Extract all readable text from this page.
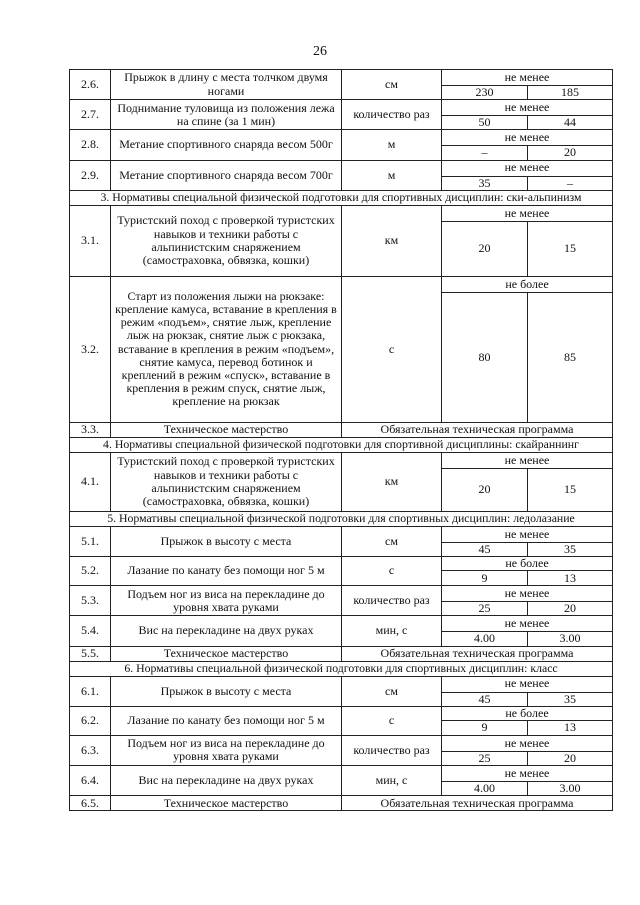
26
2.6.	Прыжок в длину с места толчком двумя ногами	см	не менее	
			230	185
2.7.	Поднимание туловища из положения лежа на спине (за 1 мин)	количество раз	не менее	
			50	44
2.8.	Метание спортивного снаряда весом 500г	м	не менее	
			–	20
2.9.	Метание спортивного снаряда весом 700г	м	не менее	
			35	–
3. Нормативы специальной физической подготовки для спортивных дисциплин: ски-альпинизм				
3.1.	Туристский поход с проверкой туристских навыков и техники работы с альпинистским снаряжением (самостраховка, обвязка, кошки)	км	не менее	
			20	15
3.2.	Старт из положения лыжи на рюкзаке: крепление камуса, вставание в крепления в режим «подъем», снятие лыж, крепление лыж на рюкзак, снятие лыж с рюкзака, вставание в крепления в режим «подъем», снятие камуса, перевод ботинок и креплений в режим «спуск», вставание в крепления в режим спуск, снятие лыж, крепление на рюкзак	с	не более	
			80	85
3.3.	Техническое мастерство	Обязательная техническая программа		
4. Нормативы специальной физической подготовки для спортивной дисциплины: скайраннинг				
4.1.	Туристский поход с проверкой туристских навыков и техники работы с альпинистским снаряжением (самостраховка, обвязка, кошки)	км	не менее	
			20	15
5. Нормативы специальной физической подготовки для спортивных дисциплин: ледолазание				
5.1.	Прыжок в высоту с места	см	не менее	
			45	35
5.2.	Лазание по канату без помощи ног 5 м	с	не более	
			9	13
5.3.	Подъем ног из виса на перекладине до уровня хвата руками	количество раз	не менее	
			25	20
5.4.	Вис на перекладине на двух руках	мин, с	не менее	
			4.00	3.00
5.5.	Техническое мастерство	Обязательная техническая программа		
6. Нормативы специальной физической подготовки для спортивных дисциплин: класс				
6.1.	Прыжок в высоту с места	см	не менее	
			45	35
6.2.	Лазание по канату без помощи ног 5 м	с	не более	
			9	13
6.3.	Подъем ног из виса на перекладине до уровня хвата руками	количество раз	не менее	
			25	20
6.4.	Вис на перекладине на двух руках	мин, с	не менее	
			4.00	3.00
6.5.	Техническое мастерство	Обязательная техническая программа		
